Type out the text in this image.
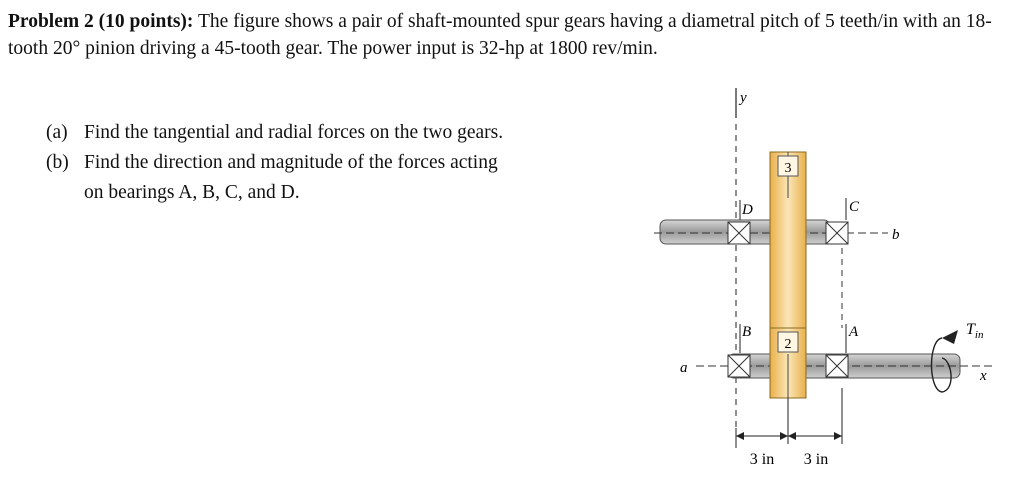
Problem 2 (10 points): The figure shows a pair of shaft-mounted spur gears having a diametral pitch of 5 teeth/in with an 18-tooth 20° pinion driving a 45-tooth gear. The power input is 32-hp at 1800 rev/min.
(a) Find the tangential and radial forces on the two gears.
(b) Find the direction and magnitude of the forces acting
on bearings A, B, C, and D.
y
b
a
3
2
D	C
B	A	$T_{in}$
x
3 in 3 in
